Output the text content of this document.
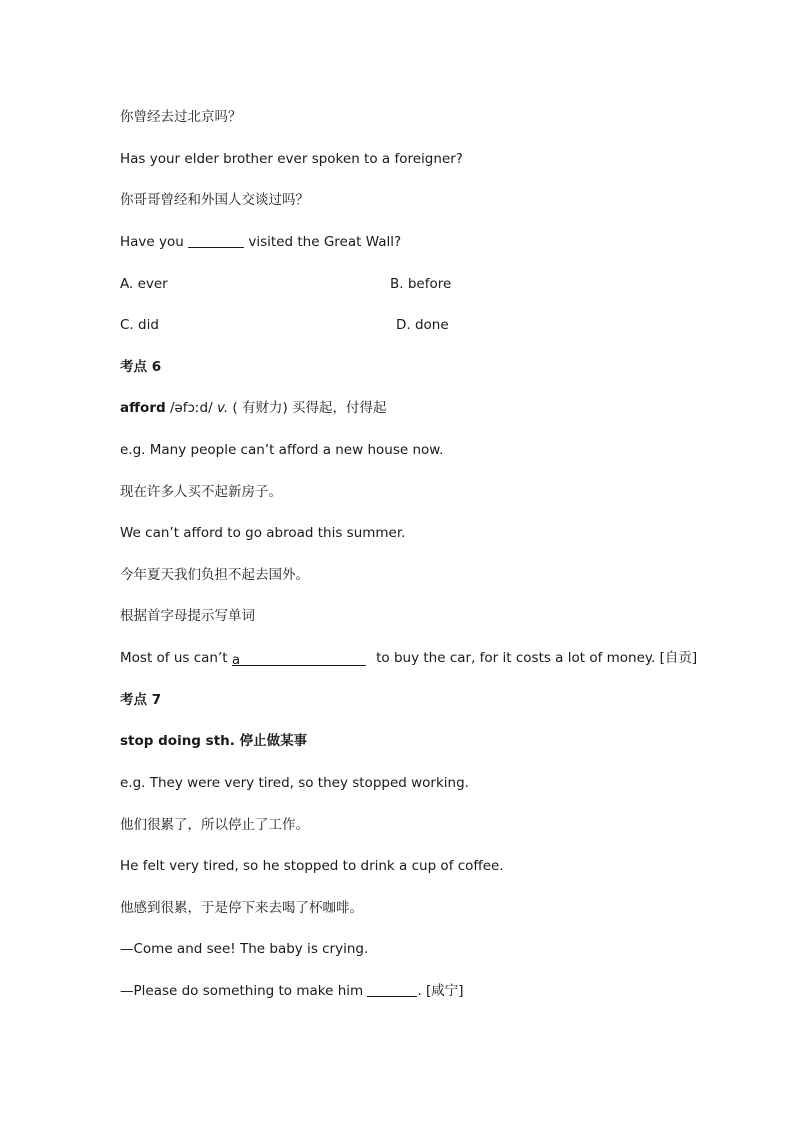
你曾经去过北京吗？
Has your elder brother ever spoken to a foreigner?
你哥哥曾经和外国人交谈过吗？
Have you	visited the Great Wall?
A. ever	B. before
C. did	D. done
考点 6
afford /əfɔːd/ v. ( 有财力) 买得起，付得起
e.g. Many people can’t afford a new house now.
现在许多人买不起新房子。
We can’t afford to go abroad this summer.
今年夏天我们负担不起去国外。
根据首字母提示写单词
Most of us can’t a	to buy the car, for it costs a lot of money. [自贡]
考点 7
stop doing sth. 停止做某事
e.g. They were very tired, so they stopped working.
他们很累了，所以停止了工作。
He felt very tired, so he stopped to drink a cup of coffee.
他感到很累，于是停下来去喝了杯咖啡。
—Come and see! The baby is crying.
—Please do something to make him	. [咸宁]
